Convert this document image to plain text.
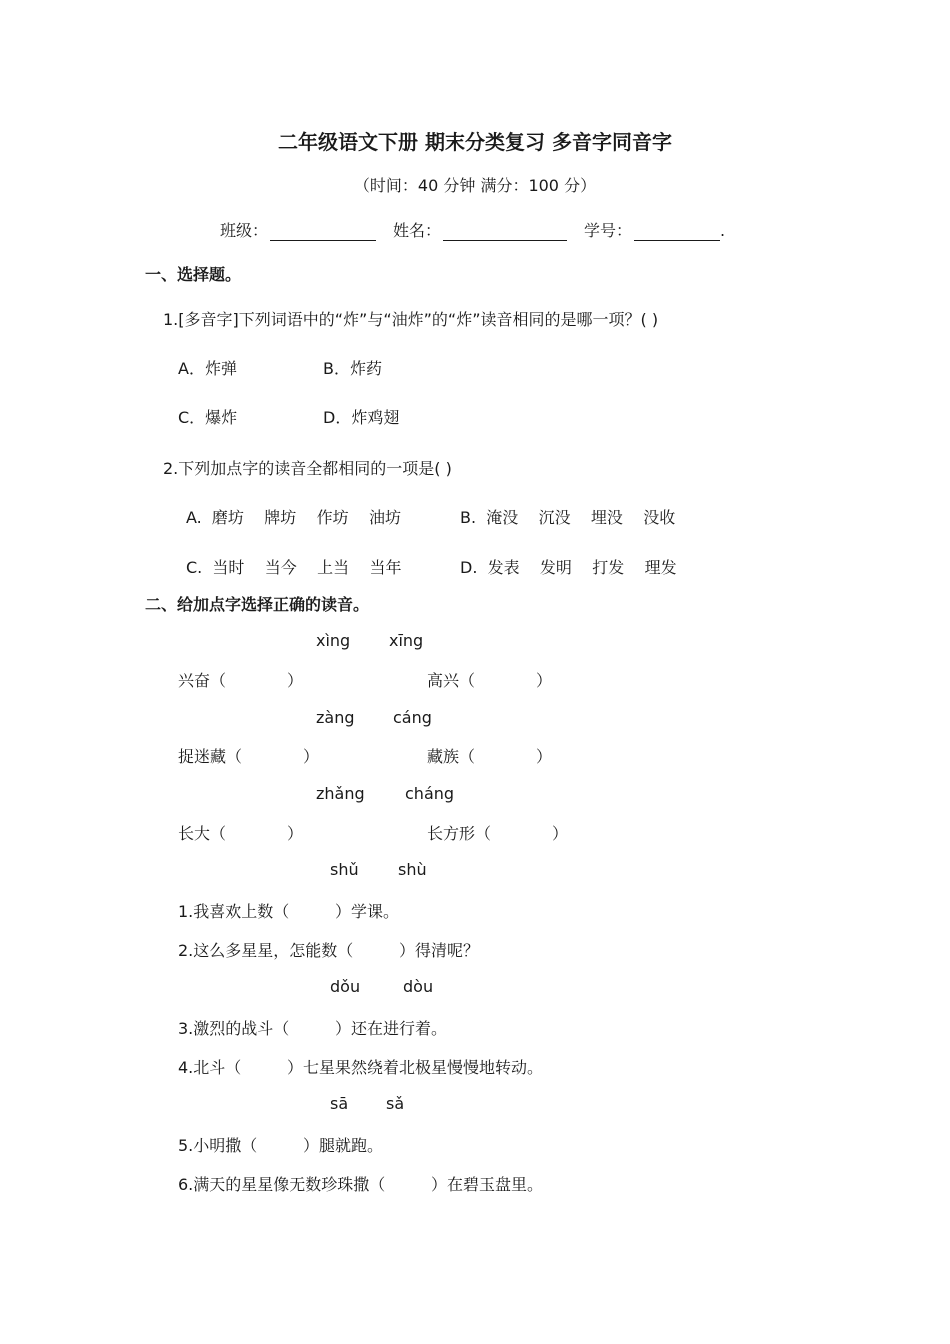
二年级语文下册 期末分类复习 多音字同音字
（时间：40 分钟 满分：100 分）
班级：	姓名：	学号：	.
一、选择题。
1.[多音字]下列词语中的“炸”与“油炸”的“炸”读音相同的是哪一项？( )
A．炸弹	B．炸药
C．爆炸	D．炸鸡翅
2.下列加点字的读音全都相同的一项是( )
A.  磨坊    牌坊    作坊    油坊	B.  淹没    沉没    埋没    没收
C.  当时    当今    上当    当年	D.  发表    发明    打发    理发
二、给加点字选择正确的读音。
xìng xīng
兴奋（            ）	高兴（            ）
zàng cáng
捉迷藏（            ）	藏族（            ）
zhǎng	cháng
长大（            ）	长方形（            ）
shǔ shù
1.我喜欢上数（         ）学课。
2.这么多星星，怎能数（         ）得清呢？
dǒu	dòu
3.激烈的战斗（         ）还在进行着。
4.北斗（         ）七星果然绕着北极星慢慢地转动。
sā sǎ
5.小明撒（         ）腿就跑。
6.满天的星星像无数珍珠撒（         ）在碧玉盘里。
